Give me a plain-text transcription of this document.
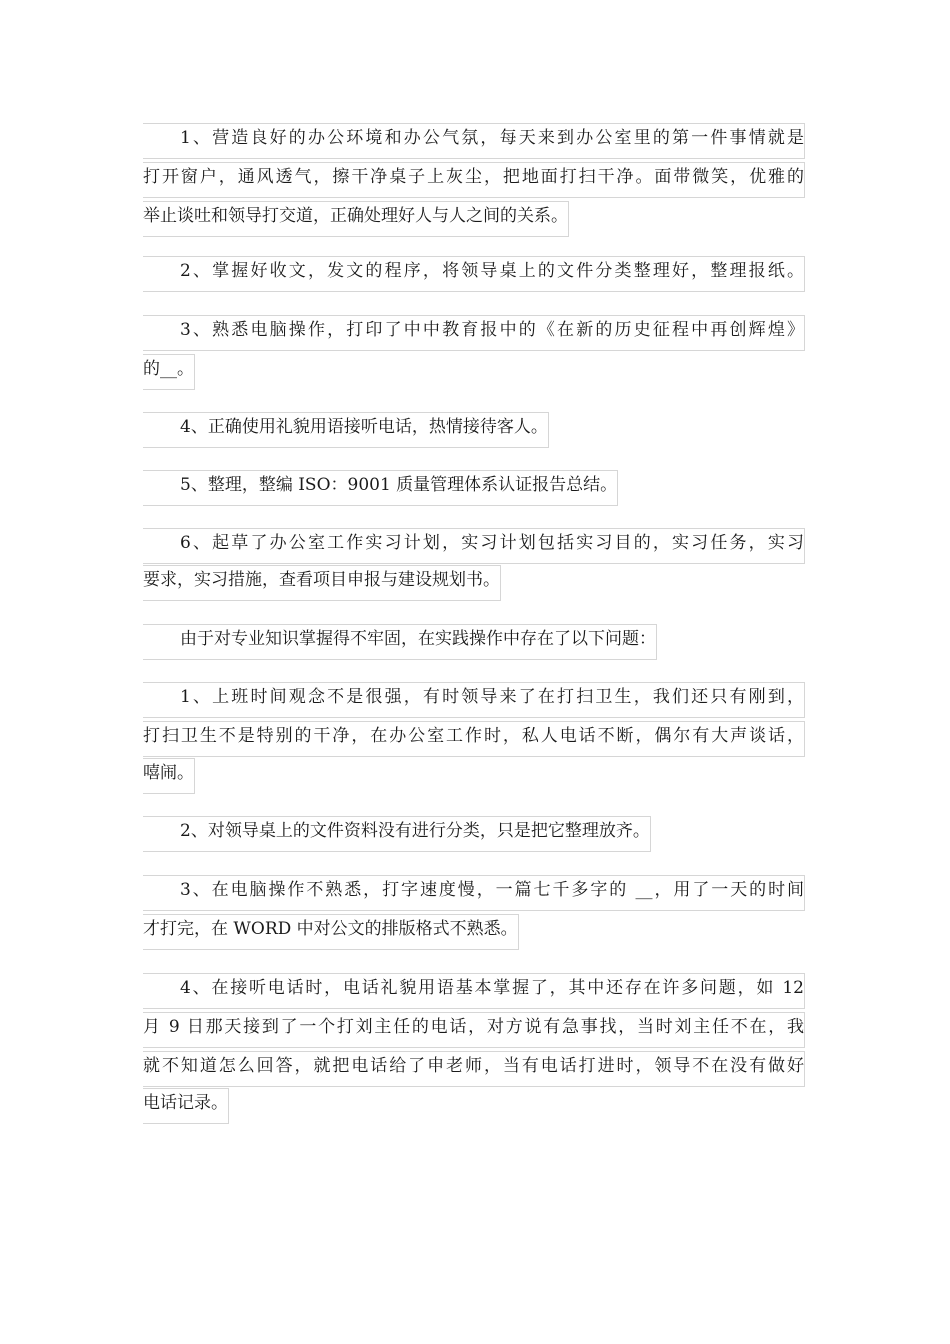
1、营造良好的办公环境和办公气氛，每天来到办公室里的第一件事情就是
打开窗户，通风透气，擦干净桌子上灰尘，把地面打扫干净。面带微笑，优雅的
举止谈吐和领导打交道，正确处理好人与人之间的关系。
2、掌握好收文，发文的程序，将领导桌上的文件分类整理好，整理报纸。
3、熟悉电脑操作，打印了中中教育报中的《在新的历史征程中再创辉煌》
的__。
4、正确使用礼貌用语接听电话，热情接待客人。
5、整理，整编 ISO：9001 质量管理体系认证报告总结。
6、起草了办公室工作实习计划，实习计划包括实习目的，实习任务，实习
要求，实习措施，查看项目申报与建设规划书。
由于对专业知识掌握得不牢固，在实践操作中存在了以下问题：
1、上班时间观念不是很强，有时领导来了在打扫卫生，我们还只有刚到，
打扫卫生不是特别的干净，在办公室工作时，私人电话不断，偶尔有大声谈话，
嘻闹。
2、对领导桌上的文件资料没有进行分类，只是把它整理放齐。
3、在电脑操作不熟悉，打字速度慢，一篇七千多字的 __，用了一天的时间
才打完，在 WORD 中对公文的排版格式不熟悉。
4、在接听电话时，电话礼貌用语基本掌握了，其中还存在许多问题，如 12
月 9 日那天接到了一个打刘主任的电话，对方说有急事找，当时刘主任不在，我
就不知道怎么回答，就把电话给了申老师，当有电话打进时，领导不在没有做好
电话记录。
